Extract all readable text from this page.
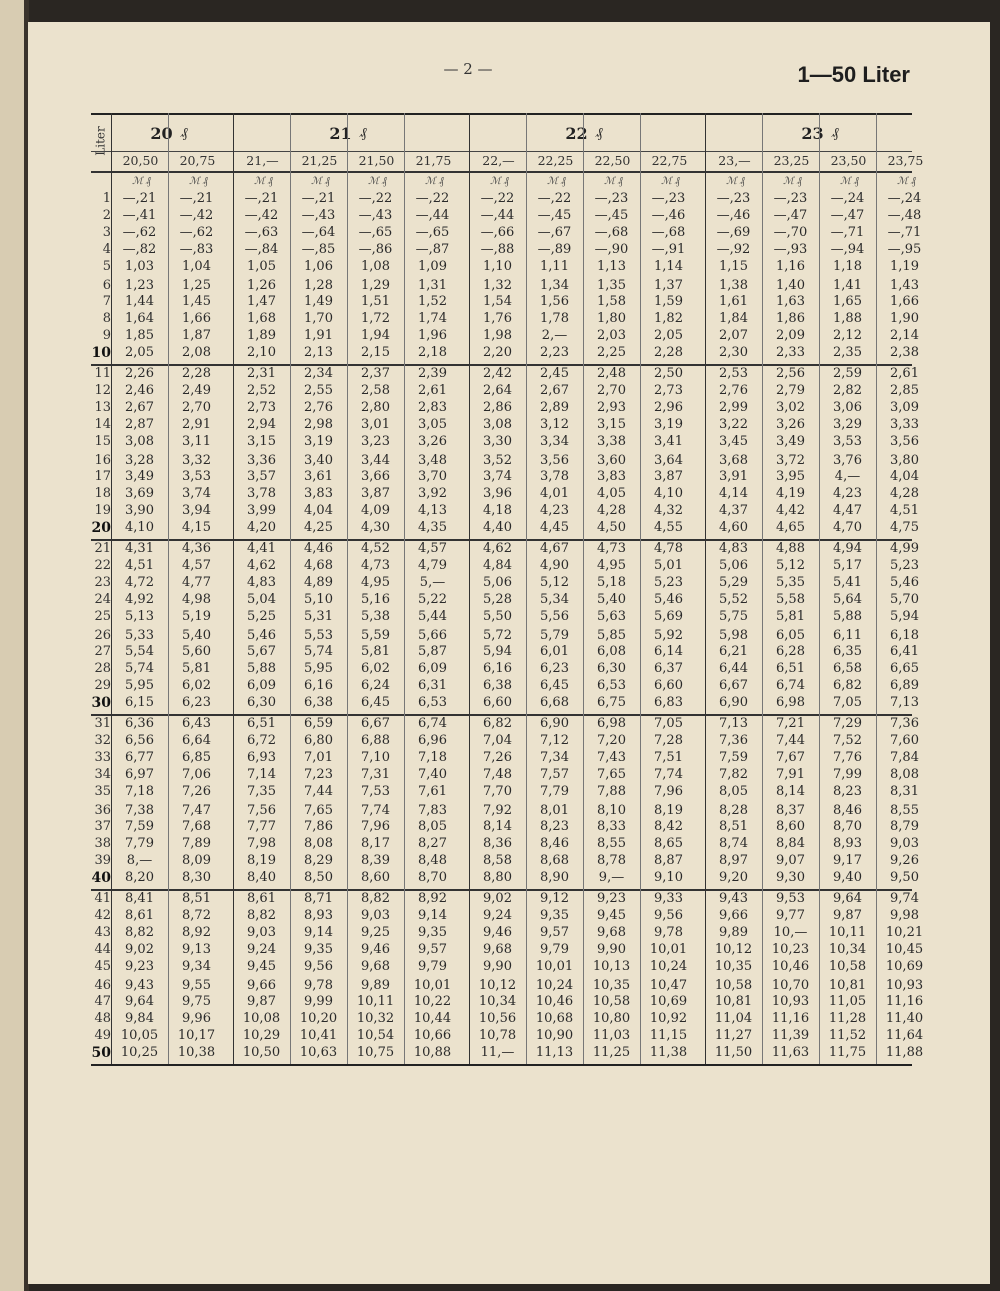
— 2 —	1—50 Liter
Liter	20 ₰	21 ₰	22 ₰	23 ₰
20,50	20,75	21,—	21,25	21,50	21,75	22,—	22,25	22,50	22,75	23,—	23,25	23,50	23,75
ℳ ₰	ℳ ₰	ℳ ₰	ℳ ₰	ℳ ₰	ℳ ₰	ℳ ₰	ℳ ₰	ℳ ₰	ℳ ₰	ℳ ₰	ℳ ₰	ℳ ₰	ℳ ₰
1 —,21	—,21	—,21	—,21	—,22	—,22	—,22	—,22	—,23	—,23	—,23	—,23	—,24	—,24
2 —,41	—,42	—,42	—,43	—,43	—,44	—,44	—,45	—,45	—,46	—,46	—,47	—,47	—,48
3 —,62	—,62	—,63	—,64	—,65	—,65	—,66	—,67	—,68	—,68	—,69	—,70	—,71	—,71
4 —,82	—,83	—,84	—,85	—,86	—,87	—,88	—,89	—,90	—,91	—,92	—,93	—,94	—,95
5	1,03	1,04	1,05	1,06	1,08	1,09	1,10	1,11	1,13	1,14	1,15	1,16	1,18	1,19
6	1,23	1,25	1,26	1,28	1,29	1,31	1,32	1,34	1,35	1,37	1,38	1,40	1,41	1,43
7	1,44	1,45	1,47	1,49	1,51	1,52	1,54	1,56	1,58	1,59	1,61	1,63	1,65	1,66
8	1,64	1,66	1,68	1,70	1,72	1,74	1,76	1,78	1,80	1,82	1,84	1,86	1,88	1,90
9	1,85	1,87	1,89	1,91	1,94	1,96	1,98	2,—	2,03	2,05	2,07	2,09	2,12	2,14
10	2,05	2,08	2,10	2,13	2,15	2,18	2,20	2,23	2,25	2,28	2,30	2,33	2,35	2,38
11	2,26	2,28	2,31	2,34	2,37	2,39	2,42	2,45	2,48	2,50	2,53	2,56	2,59	2,61
12	2,46	2,49	2,52	2,55	2,58	2,61	2,64	2,67	2,70	2,73	2,76	2,79	2,82	2,85
13	2,67	2,70	2,73	2,76	2,80	2,83	2,86	2,89	2,93	2,96	2,99	3,02	3,06	3,09
14	2,87	2,91	2,94	2,98	3,01	3,05	3,08	3,12	3,15	3,19	3,22	3,26	3,29	3,33
15	3,08	3,11	3,15	3,19	3,23	3,26	3,30	3,34	3,38	3,41	3,45	3,49	3,53	3,56
16	3,28	3,32	3,36	3,40	3,44	3,48	3,52	3,56	3,60	3,64	3,68	3,72	3,76	3,80
17	3,49	3,53	3,57	3,61	3,66	3,70	3,74	3,78	3,83	3,87	3,91	3,95	4,—	4,04
18	3,69	3,74	3,78	3,83	3,87	3,92	3,96	4,01	4,05	4,10	4,14	4,19	4,23	4,28
19	3,90	3,94	3,99	4,04	4,09	4,13	4,18	4,23	4,28	4,32	4,37	4,42	4,47	4,51
20	4,10	4,15	4,20	4,25	4,30	4,35	4,40	4,45	4,50	4,55	4,60	4,65	4,70	4,75
21	4,31	4,36	4,41	4,46	4,52	4,57	4,62	4,67	4,73	4,78	4,83	4,88	4,94	4,99
22	4,51	4,57	4,62	4,68	4,73	4,79	4,84	4,90	4,95	5,01	5,06	5,12	5,17	5,23
23	4,72	4,77	4,83	4,89	4,95	5,—	5,06	5,12	5,18	5,23	5,29	5,35	5,41	5,46
24	4,92	4,98	5,04	5,10	5,16	5,22	5,28	5,34	5,40	5,46	5,52	5,58	5,64	5,70
25	5,13	5,19	5,25	5,31	5,38	5,44	5,50	5,56	5,63	5,69	5,75	5,81	5,88	5,94
26	5,33	5,40	5,46	5,53	5,59	5,66	5,72	5,79	5,85	5,92	5,98	6,05	6,11	6,18
27	5,54	5,60	5,67	5,74	5,81	5,87	5,94	6,01	6,08	6,14	6,21	6,28	6,35	6,41
28	5,74	5,81	5,88	5,95	6,02	6,09	6,16	6,23	6,30	6,37	6,44	6,51	6,58	6,65
29	5,95	6,02	6,09	6,16	6,24	6,31	6,38	6,45	6,53	6,60	6,67	6,74	6,82	6,89
30	6,15	6,23	6,30	6,38	6,45	6,53	6,60	6,68	6,75	6,83	6,90	6,98	7,05	7,13
31	6,36	6,43	6,51	6,59	6,67	6,74	6,82	6,90	6,98	7,05	7,13	7,21	7,29	7,36
32	6,56	6,64	6,72	6,80	6,88	6,96	7,04	7,12	7,20	7,28	7,36	7,44	7,52	7,60
33	6,77	6,85	6,93	7,01	7,10	7,18	7,26	7,34	7,43	7,51	7,59	7,67	7,76	7,84
34	6,97	7,06	7,14	7,23	7,31	7,40	7,48	7,57	7,65	7,74	7,82	7,91	7,99	8,08
35	7,18	7,26	7,35	7,44	7,53	7,61	7,70	7,79	7,88	7,96	8,05	8,14	8,23	8,31
36	7,38	7,47	7,56	7,65	7,74	7,83	7,92	8,01	8,10	8,19	8,28	8,37	8,46	8,55
37	7,59	7,68	7,77	7,86	7,96	8,05	8,14	8,23	8,33	8,42	8,51	8,60	8,70	8,79
38	7,79	7,89	7,98	8,08	8,17	8,27	8,36	8,46	8,55	8,65	8,74	8,84	8,93	9,03
39	8,—	8,09	8,19	8,29	8,39	8,48	8,58	8,68	8,78	8,87	8,97	9,07	9,17	9,26
40	8,20	8,30	8,40	8,50	8,60	8,70	8,80	8,90	9,—	9,10	9,20	9,30	9,40	9,50
41	8,41	8,51	8,61	8,71	8,82	8,92	9,02	9,12	9,23	9,33	9,43	9,53	9,64	9,74
42	8,61	8,72	8,82	8,93	9,03	9,14	9,24	9,35	9,45	9,56	9,66	9,77	9,87	9,98
43	8,82	8,92	9,03	9,14	9,25	9,35	9,46	9,57	9,68	9,78	9,89	10,—	10,11	10,21
44	9,02	9,13	9,24	9,35	9,46	9,57	9,68	9,79	9,90	10,01	10,12	10,23	10,34	10,45
45	9,23	9,34	9,45	9,56	9,68	9,79	9,90	10,01	10,13	10,24	10,35	10,46	10,58	10,69
46	9,43	9,55	9,66	9,78	9,89	10,01	10,12	10,24	10,35	10,47	10,58	10,70	10,81	10,93
47	9,64	9,75	9,87	9,99	10,11	10,22	10,34	10,46	10,58	10,69	10,81	10,93	11,05	11,16
48	9,84	9,96	10,08	10,20	10,32	10,44	10,56	10,68	10,80	10,92	11,04	11,16	11,28	11,40
49 10,05	10,17	10,29	10,41	10,54	10,66	10,78	10,90	11,03	11,15	11,27	11,39	11,52	11,64
50 10,25	10,38	10,50	10,63	10,75	10,88	11,—	11,13	11,25	11,38	11,50	11,63	11,75	11,88
